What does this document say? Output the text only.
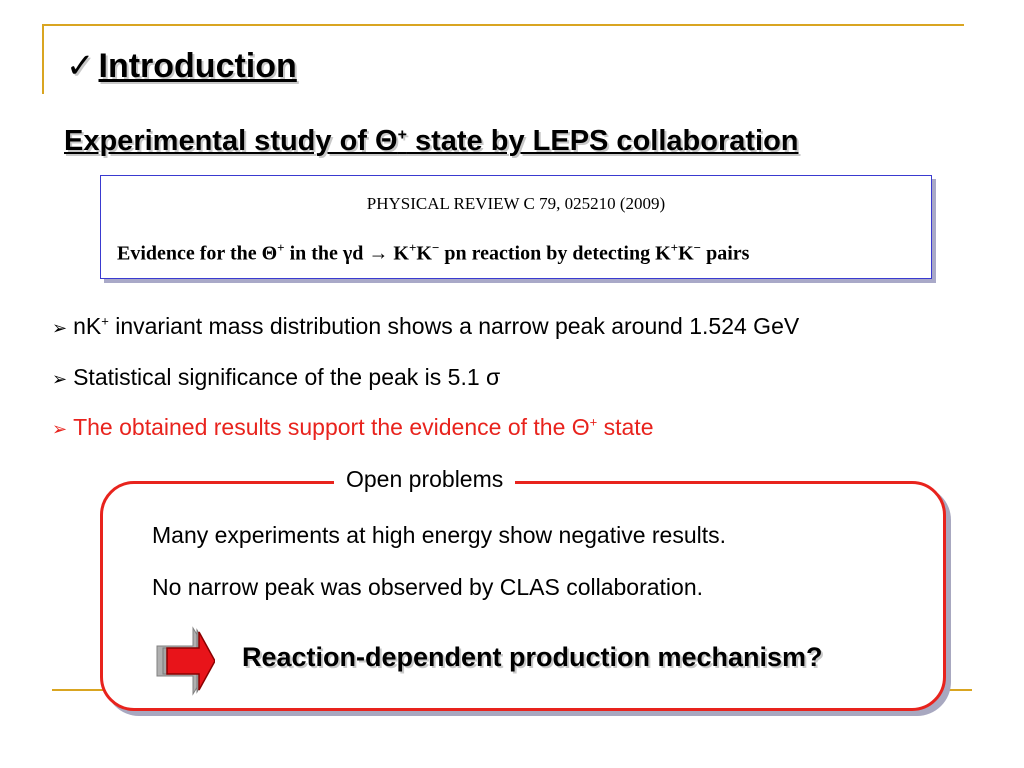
✓ Introduction
Experimental study of Θ+ state by LEPS collaboration
PHYSICAL REVIEW C 79, 025210 (2009)
Evidence for the Θ+ in the γd → K+K− pn reaction by detecting K+K− pairs
➢ nK+ invariant mass distribution shows a narrow peak around 1.524 GeV
➢ Statistical significance of the peak is 5.1 σ
➢ The obtained results support the evidence of the Θ+ state
Open problems
Many experiments at high energy show negative results.
No narrow peak was observed by CLAS collaboration.
Reaction-dependent production mechanism?
